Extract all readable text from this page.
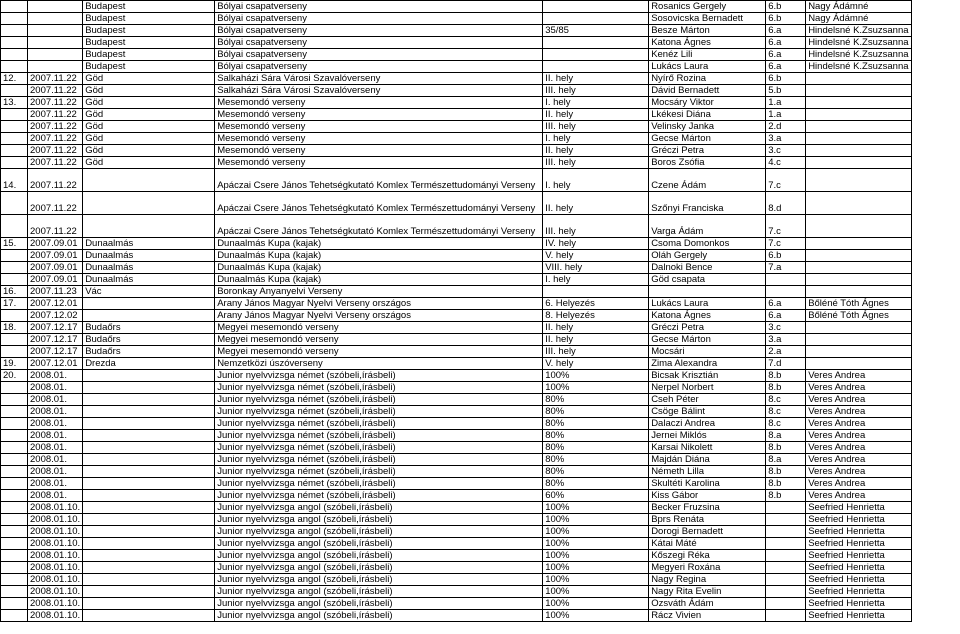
		Budapest	Bólyai csapatverseny		Rosanics Gergely	6.b	Nagy Ádámné
		Budapest	Bólyai csapatverseny		Sosovicska Bernadett	6.b	Nagy Ádámné
		Budapest	Bólyai csapatverseny	35/85	Besze Márton	6.a	Hindelsné K.Zsuzsanna
		Budapest	Bólyai csapatverseny		Katona Ágnes	6.a	Hindelsné K.Zsuzsanna
		Budapest	Bólyai csapatverseny		Kenéz Lili	6.a	Hindelsné K.Zsuzsanna
		Budapest	Bólyai csapatverseny		Lukács Laura	6.a	Hindelsné K.Zsuzsanna
12.	2007.11.22	Göd	Salkaházi Sára Városi Szavalóverseny	II. hely	Nyírő Rozina	6.b	
	2007.11.22	Göd	Salkaházi Sára Városi Szavalóverseny	III. hely	Dávid Bernadett	5.b	
13.	2007.11.22	Göd	Mesemondó verseny	I. hely	Mocsáry Viktor	1.a	
	2007.11.22	Göd	Mesemondó verseny	II. hely	Lkékesi Diána	1.a	
	2007.11.22	Göd	Mesemondó verseny	III. hely	Velinsky Janka	2.d	
	2007.11.22	Göd	Mesemondó verseny	I. hely	Gecse Márton	3.a	
	2007.11.22	Göd	Mesemondó verseny	II. hely	Gréczi Petra	3.c	
	2007.11.22	Göd	Mesemondó verseny	III. hely	Boros Zsófia	4.c	
14.	2007.11.22		Apáczai Csere János Tehetségkutató Komlex Természettudományi Verseny	I. hely	Czene Ádám	7.c	
	2007.11.22		Apáczai Csere János Tehetségkutató Komlex Természettudományi Verseny	II. hely	Szőnyi Franciska	8.d	
	2007.11.22		Apáczai Csere János Tehetségkutató Komlex Természettudományi Verseny	III. hely	Varga Ádám	7.c	
15.	2007.09.01	Dunaalmás	Dunaalmás Kupa (kajak)	IV. hely	Csoma Domonkos	7.c	
	2007.09.01	Dunaalmás	Dunaalmás Kupa (kajak)	V. hely	Oláh Gergely	6.b	
	2007.09.01	Dunaalmás	Dunaalmás Kupa (kajak)	VIII. hely	Dalnoki Bence	7.a	
	2007.09.01	Dunaalmás	Dunaalmás Kupa (kajak)	I. hely	Göd csapata		
16.	2007.11.23	Vác	Boronkay Anyanyelvi Verseny				
17.	2007.12.01		Arany János Magyar Nyelvi Verseny országos	6. Helyezés	Lukács Laura	6.a	Bőléné Tóth Ágnes
	2007.12.02		Arany János Magyar Nyelvi Verseny országos	8. Helyezés	Katona Ágnes	6.a	Bőléné Tóth Ágnes
18.	2007.12.17	Budaőrs	Megyei mesemondó verseny	II. hely	Gréczi Petra	3.c	
	2007.12.17	Budaőrs	Megyei mesemondó verseny	II. hely	Gecse Márton	3.a	
	2007.12.17	Budaőrs	Megyei mesemondó verseny	III. hely	Mocsári	2.a	
19.	2007.12.01	Drezda	Nemzetközi úszóverseny	V. hely	Zima Alexandra	7.d	
20.	2008.01.		Junior nyelvvizsga német (szóbeli,írásbeli)	100%	Bicsak Krisztián	8.b	Veres Andrea
	2008.01.		Junior nyelvvizsga német (szóbeli,írásbeli)	100%	Nerpel Norbert	8.b	Veres Andrea
	2008.01.		Junior nyelvvizsga német (szóbeli,írásbeli)	80%	Cseh Péter	8.c	Veres Andrea
	2008.01.		Junior nyelvvizsga német (szóbeli,írásbeli)	80%	Csöge Bálint	8.c	Veres Andrea
	2008.01.		Junior nyelvvizsga német (szóbeli,írásbeli)	80%	Dalaczi Andrea	8.c	Veres Andrea
	2008.01.		Junior nyelvvizsga német (szóbeli,írásbeli)	80%	Jernei Miklós	8.a	Veres Andrea
	2008.01.		Junior nyelvvizsga német (szóbeli,írásbeli)	80%	Karsai Nikolett	8.b	Veres Andrea
	2008.01.		Junior nyelvvizsga német (szóbeli,írásbeli)	80%	Majdán Diána	8.a	Veres Andrea
	2008.01.		Junior nyelvvizsga német (szóbeli,írásbeli)	80%	Németh Lilla	8.b	Veres Andrea
	2008.01.		Junior nyelvvizsga német (szóbeli,írásbeli)	80%	Skultéti Karolina	8.b	Veres Andrea
	2008.01.		Junior nyelvvizsga német (szóbeli,írásbeli)	60%	Kiss Gábor	8.b	Veres Andrea
	2008.01.10.		Junior nyelvvizsga angol (szóbeli,írásbeli)	100%	Becker Fruzsina		Seefried Henrietta
	2008.01.10.		Junior nyelvvizsga angol (szóbeli,írásbeli)	100%	Bprs Renáta		Seefried Henrietta
	2008.01.10.		Junior nyelvvizsga angol (szóbeli,írásbeli)	100%	Dorogi Bernadett		Seefried Henrietta
	2008.01.10.		Junior nyelvvizsga angol (szóbeli,írásbeli)	100%	Kátai Máté		Seefried Henrietta
	2008.01.10.		Junior nyelvvizsga angol (szóbeli,írásbeli)	100%	Kőszegi Réka		Seefried Henrietta
	2008.01.10.		Junior nyelvvizsga angol (szóbeli,írásbeli)	100%	Megyeri Roxána		Seefried Henrietta
	2008.01.10.		Junior nyelvvizsga angol (szóbeli,írásbeli)	100%	Nagy Regina		Seefried Henrietta
	2008.01.10.		Junior nyelvvizsga angol (szóbeli,írásbeli)	100%	Nagy Rita Evelin		Seefried Henrietta
	2008.01.10.		Junior nyelvvizsga angol (szóbeli,írásbeli)	100%	Ozsváth Ádám		Seefried Henrietta
	2008.01.10.		Junior nyelvvizsga angol (szóbeli,írásbeli)	100%	Rácz Vivien		Seefried Henrietta
